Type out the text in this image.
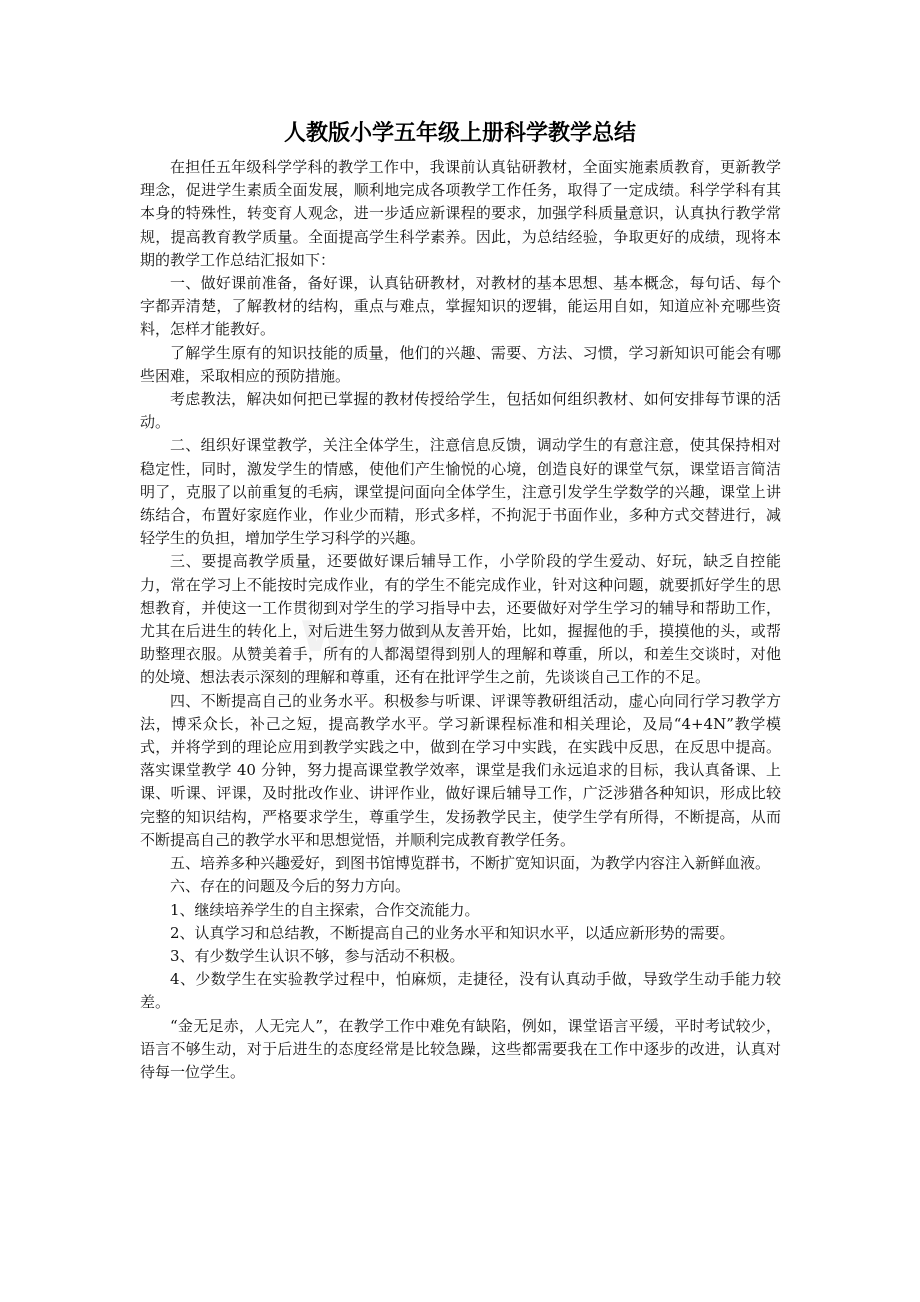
www.
人教版小学五年级上册科学教学总结

在担任五年级科学学科的教学工作中，我课前认真钻研教材，全面实施素质教育，更新教学理念，促进学生素质全面发展，顺利地完成各项教学工作任务，取得了一定成绩。科学学科有其本身的特殊性，转变育人观念，进一步适应新课程的要求，加强学科质量意识，认真执行教学常规，提高教育教学质量。全面提高学生科学素养。因此，为总结经验，争取更好的成绩，现将本期的教学工作总结汇报如下：

一、做好课前准备，备好课，认真钻研教材，对教材的基本思想、基本概念，每句话、每个字都弄清楚，了解教材的结构，重点与难点，掌握知识的逻辑，能运用自如，知道应补充哪些资料，怎样才能教好。

了解学生原有的知识技能的质量，他们的兴趣、需要、方法、习惯，学习新知识可能会有哪些困难，采取相应的预防措施。

考虑教法，解决如何把已掌握的教材传授给学生，包括如何组织教材、如何安排每节课的活动。

二、组织好课堂教学，关注全体学生，注意信息反馈，调动学生的有意注意，使其保持相对稳定性，同时，激发学生的情感，使他们产生愉悦的心境，创造良好的课堂气氛，课堂语言简洁明了，克服了以前重复的毛病，课堂提问面向全体学生，注意引发学生学数学的兴趣，课堂上讲练结合，布置好家庭作业，作业少而精，形式多样，不拘泥于书面作业，多种方式交替进行，减轻学生的负担，增加学生学习科学的兴趣。

三、要提高教学质量，还要做好课后辅导工作，小学阶段的学生爱动、好玩，缺乏自控能力，常在学习上不能按时完成作业，有的学生不能完成作业，针对这种问题，就要抓好学生的思想教育，并使这一工作贯彻到对学生的学习指导中去，还要做好对学生学习的辅导和帮助工作，尤其在后进生的转化上，对后进生努力做到从友善开始，比如，握握他的手，摸摸他的头，或帮助整理衣服。从赞美着手，所有的人都渴望得到别人的理解和尊重，所以，和差生交谈时，对他的处境、想法表示深刻的理解和尊重，还有在批评学生之前，先谈谈自己工作的不足。

四、不断提高自己的业务水平。积极参与听课、评课等教研组活动，虚心向同行学习教学方法，博采众长，补己之短，提高教学水平。学习新课程标准和相关理论，及局“4+4N”教学模式，并将学到的理论应用到教学实践之中，做到在学习中实践，在实践中反思，在反思中提高。落实课堂教学 40 分钟，努力提高课堂教学效率，课堂是我们永远追求的目标，我认真备课、上课、听课、评课，及时批改作业、讲评作业，做好课后辅导工作，广泛涉猎各种知识，形成比较完整的知识结构，严格要求学生，尊重学生，发扬教学民主，使学生学有所得，不断提高，从而不断提高自己的教学水平和思想觉悟，并顺利完成教育教学任务。

五、培养多种兴趣爱好，到图书馆博览群书，不断扩宽知识面，为教学内容注入新鲜血液。

六、存在的问题及今后的努力方向。

1、继续培养学生的自主探索，合作交流能力。

2、认真学习和总结教，不断提高自己的业务水平和知识水平，以适应新形势的需要。

3、有少数学生认识不够，参与活动不积极。

4、少数学生在实验教学过程中，怕麻烦，走捷径，没有认真动手做，导致学生动手能力较差。

“金无足赤，人无完人”，在教学工作中难免有缺陷，例如，课堂语言平缓，平时考试较少，语言不够生动，对于后进生的态度经常是比较急躁，这些都需要我在工作中逐步的改进，认真对待每一位学生。
